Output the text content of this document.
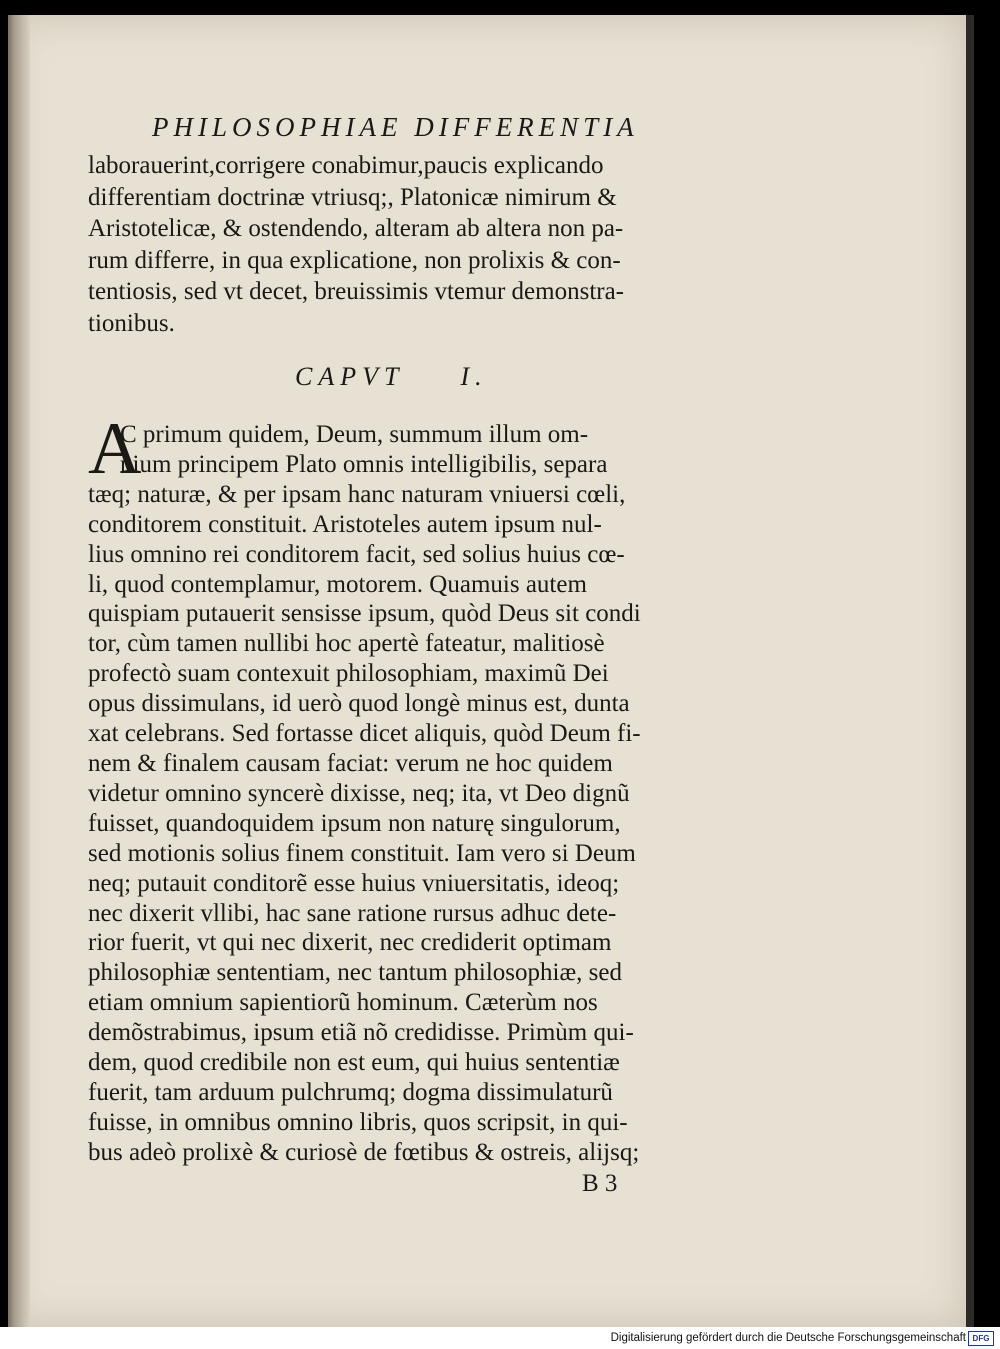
PHILOSOPHIAE DIFFERENTIA
laborauerint,corrigere conabimur,paucis explicando
differentiam doctrinæ vtriusq;, Platonicæ nimirum &
Aristotelicæ, & ostendendo, alteram ab altera non pa-
rum differre, in qua explicatione, non prolixis & con-
tentiosis, sed vt decet, breuissimis vtemur demonstra-
tionibus.
CAPVT I.
A
C primum quidem, Deum, summum illum om-
nium principem Plato omnis intelligibilis, separa
tæq; naturæ, & per ipsam hanc naturam vniuersi cœli,
conditorem constituit. Aristoteles autem ipsum nul-
lius omnino rei conditorem facit, sed solius huius cœ-
li, quod contemplamur, motorem. Quamuis autem
quispiam putauerit sensisse ipsum, quòd Deus sit condi
tor, cùm tamen nullibi hoc apertè fateatur, malitiosè
profectò suam contexuit philosophiam, maximũ Dei
opus dissimulans, id uerò quod longè minus est, dunta
xat celebrans. Sed fortasse dicet aliquis, quòd Deum fi-
nem & finalem causam faciat: verum ne hoc quidem
videtur omnino syncerè dixisse, neq; ita, vt Deo dignũ
fuisset, quandoquidem ipsum non naturę singulorum,
sed motionis solius finem constituit. Iam vero si Deum
neq; putauit conditorẽ esse huius vniuersitatis, ideoq;
nec dixerit vllibi, hac sane ratione rursus adhuc dete-
rior fuerit, vt qui nec dixerit, nec crediderit optimam
philosophiæ sententiam, nec tantum philosophiæ, sed
etiam omnium sapientiorũ hominum. Cæterùm nos
demõstrabimus, ipsum etiã nõ credidisse. Primùm qui-
dem, quod credibile non est eum, qui huius sententiæ
fuerit, tam arduum pulchrumq; dogma dissimulaturũ
fuisse, in omnibus omnino libris, quos scripsit, in qui-
bus adeò prolixè & curiosè de fœtibus & ostreis, alijsq;
B 3
Digitalisierung gefördert durch die Deutsche Forschungsgemeinschaft DFG
